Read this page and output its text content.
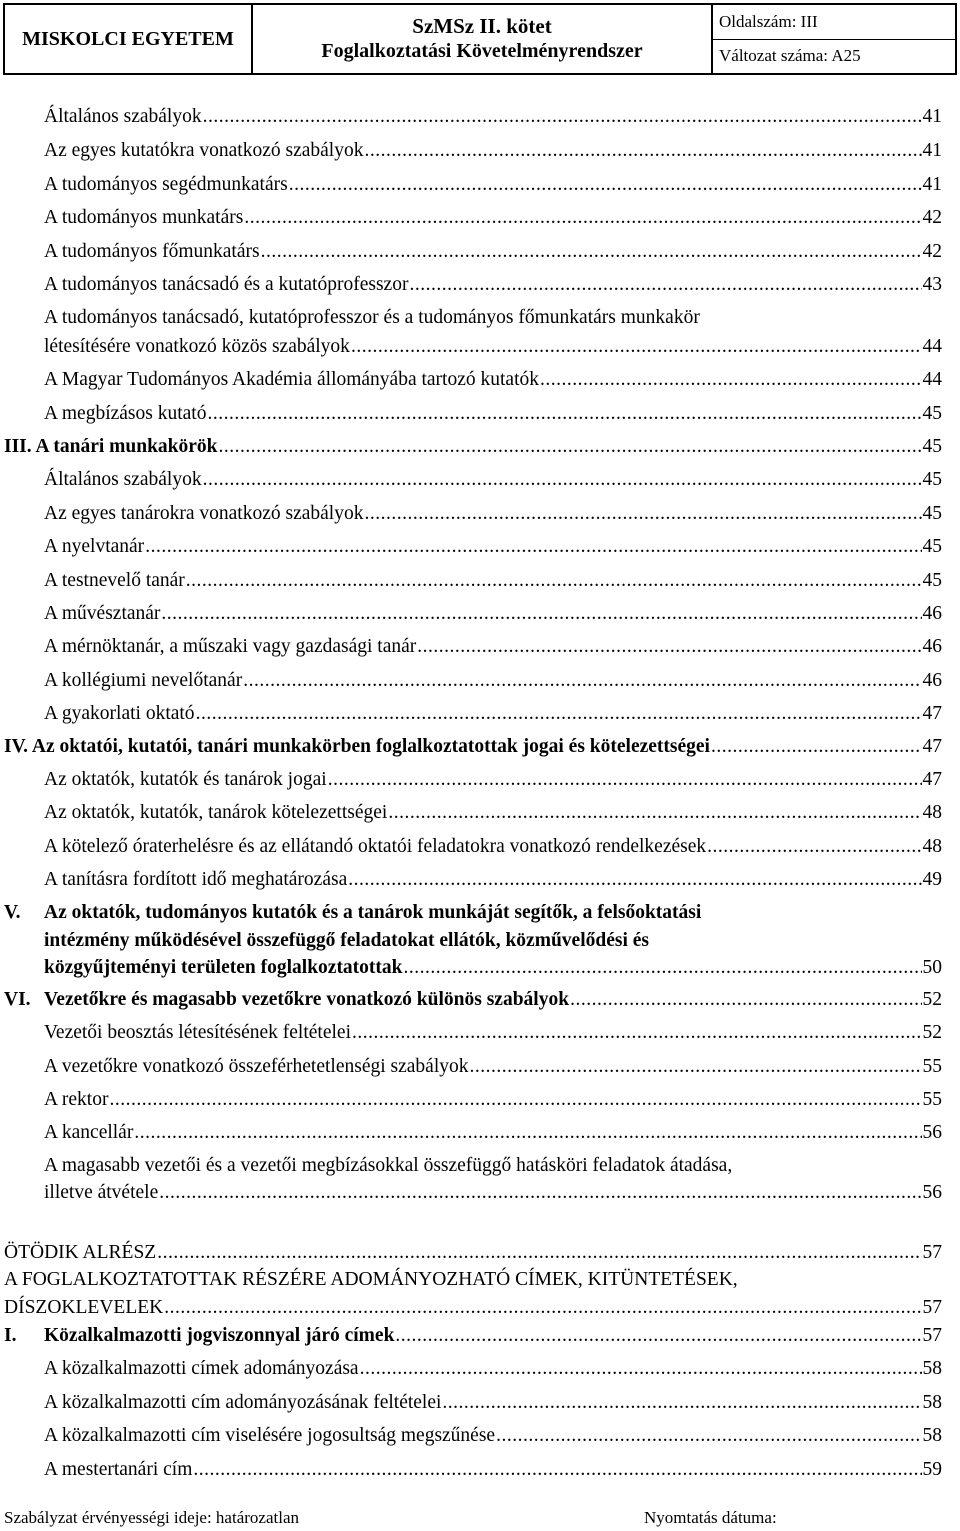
MISKOLCI EGYETEM
SzMSz II. kötet
Foglalkoztatási Követelményrendszer
Oldalszám: III
Változat száma: A25
Általános szabályok .....	41
Az egyes kutatókra vonatkozó szabályok .....	41
A tudományos segédmunkatárs .....	41
A tudományos munkatárs .....	42
A tudományos főmunkatárs .....	42
A tudományos tanácsadó és a kutatóprofesszor .....	43
A tudományos tanácsadó, kutatóprofesszor és a tudományos főmunkatárs munkakör
létesítésére vonatkozó közös szabályok .....	44
A Magyar Tudományos Akadémia állományába tartozó kutatók .....	44
A megbízásos kutató .....	45
III. A tanári munkakörök .....	45
Általános szabályok .....	45
Az egyes tanárokra vonatkozó szabályok .....	45
A nyelvtanár .....	45
A testnevelő tanár .....	45
A művésztanár .....	46
A mérnöktanár, a műszaki vagy gazdasági tanár .....	46
A kollégiumi nevelőtanár .....	46
A gyakorlati oktató .....	47
IV. Az oktatói, kutatói, tanári munkakörben foglalkoztatottak jogai és kötelezettségei .....	47
Az oktatók, kutatók és tanárok jogai .....	47
Az oktatók, kutatók, tanárok kötelezettségei .....	48
A kötelező óraterhelésre és az ellátandó oktatói feladatokra vonatkozó rendelkezések .....	48
A tanításra fordított idő meghatározása .....	49
V. Az oktatók, tudományos kutatók és a tanárok munkáját segítők, a felsőoktatási
intézmény működésével összefüggő feladatokat ellátók, közművelődési és
közgyűjteményi területen foglalkoztatottak .....	50
VI. Vezetőkre és magasabb vezetőkre vonatkozó különös szabályok .....	52
Vezetői beosztás létesítésének feltételei .....	52
A vezetőkre vonatkozó összeférhetetlenségi szabályok .....	55
A rektor .....	55
A kancellár .....	56
A magasabb vezetői és a vezetői megbízásokkal összefüggő hatásköri feladatok átadása,
illetve átvétele .....	56
ÖTÖDIK ALRÉSZ .....	57
A FOGLALKOZTATOTTAK RÉSZÉRE ADOMÁNYOZHATÓ CÍMEK, KITÜNTETÉSEK,
DÍSZOKLEVELEK .....	57
I. Közalkalmazotti jogviszonnyal járó címek .....	57
A közalkalmazotti címek adományozása .....	58
A közalkalmazotti cím adományozásának feltételei .....	58
A közalkalmazotti cím viselésére jogosultság megszűnése .....	58
A mestertanári cím .....	59
Szabályzat érvényességi ideje: határozatlan	Nyomtatás dátuma:
